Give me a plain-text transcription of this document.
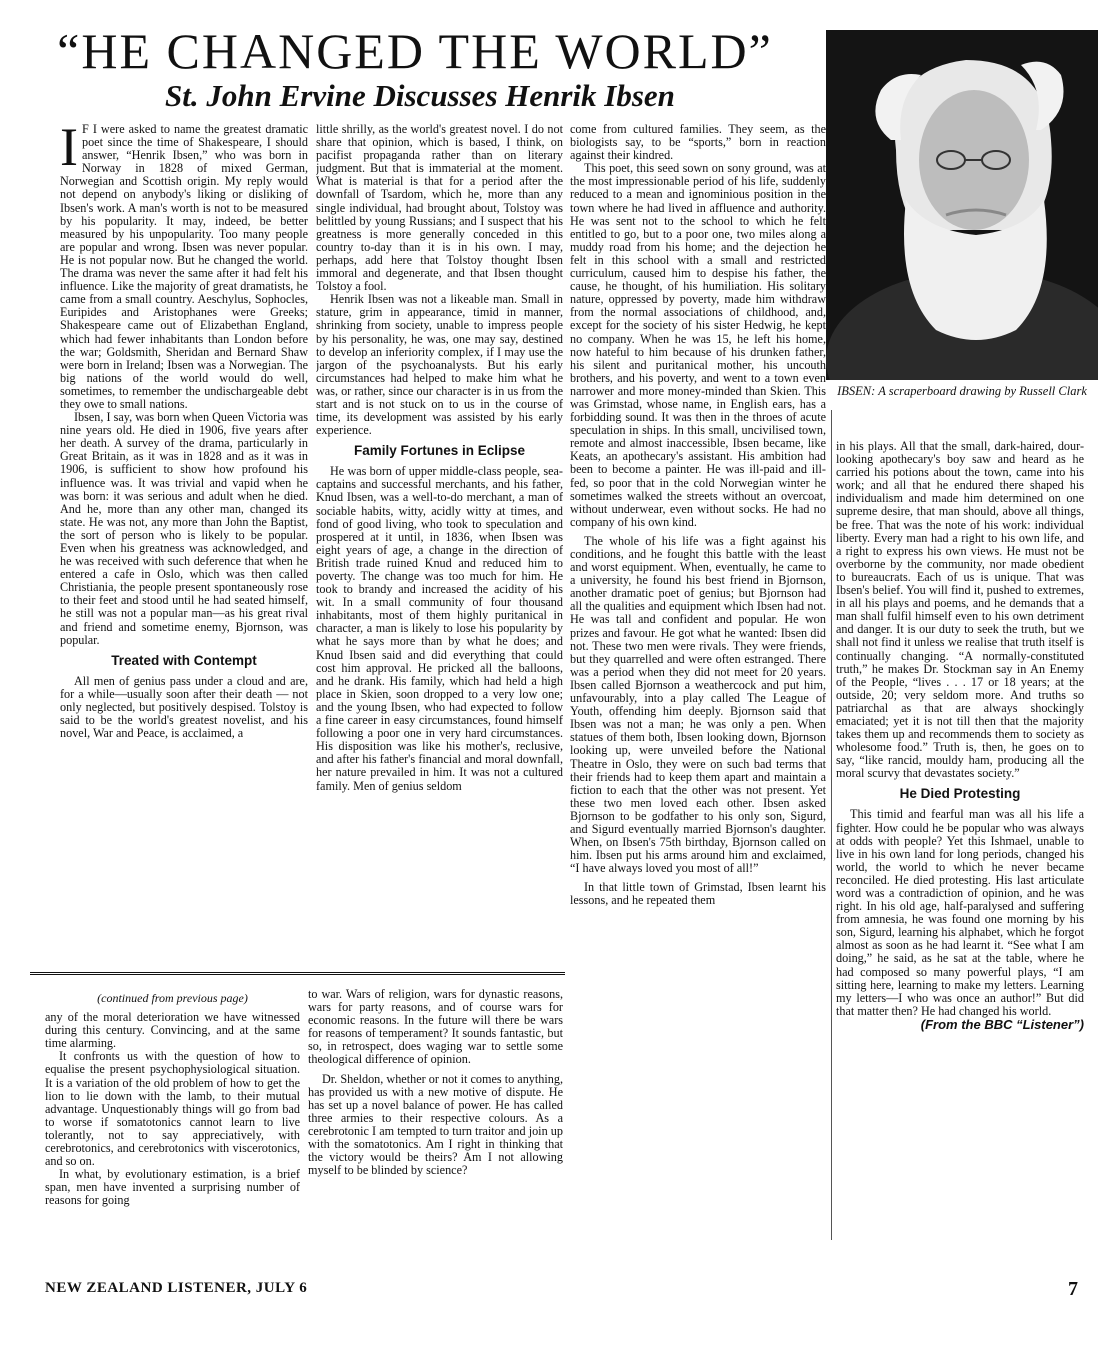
“HE CHANGED THE WORLD”
St. John Ervine Discusses Henrik Ibsen
IBSEN: A scraperboard drawing by Russell Clark

I F I were asked to name the greatest dramatic poet since the time of Shakespeare, I should answer, “Henrik Ibsen,” who was born in Norway in 1828 of mixed German, Norwegian and Scottish origin. My reply would not depend on anybody's liking or disliking of Ibsen's work. A man's worth is not to be measured by his popularity. It may, indeed, be better measured by his unpopularity. Too many people are popular and wrong. Ibsen was never popular. He is not popular now. But he changed the world. The drama was never the same after it had felt his influence. Like the majority of great dramatists, he came from a small country. Aeschylus, Sophocles, Euripides and Aristophanes were Greeks; Shakespeare came out of Elizabethan England, which had fewer inhabitants than London before the war; Goldsmith, Sheridan and Bernard Shaw were born in Ireland; Ibsen was a Norwegian. The big nations of the world would do well, sometimes, to remember the undischargeable debt they owe to small nations.

Ibsen, I say, was born when Queen Victoria was nine years old. He died in 1906, five years after her death. A survey of the drama, particularly in Great Britain, as it was in 1828 and as it was in 1906, is sufficient to show how profound his influence was. It was trivial and vapid when he was born: it was serious and adult when he died. And he, more than any other man, changed its state. He was not, any more than John the Baptist, the sort of person who is likely to be popular. Even when his greatness was acknowledged, and he was received with such deference that when he entered a cafe in Oslo, which was then called Christiania, the people present spontaneously rose to their feet and stood until he had seated himself, he still was not a popular man—as his great rival and friend and sometime enemy, Bjornson, was popular.

Treated with Contempt

All men of genius pass under a cloud and are, for a while—usually soon after their death — not only neglected, but positively despised. Tolstoy is said to be the world's greatest novelist, and his novel, War and Peace, is acclaimed, a

little shrilly, as the world's greatest novel. I do not share that opinion, which is based, I think, on pacifist propaganda rather than on literary judgment. But that is immaterial at the moment. What is material is that for a period after the downfall of Tsardom, which he, more than any single individual, had brought about, Tolstoy was belittled by young Russians; and I suspect that his greatness is more generally conceded in this country to-day than it is in his own. I may, perhaps, add here that Tolstoy thought Ibsen immoral and degenerate, and that Ibsen thought Tolstoy a fool.

Henrik Ibsen was not a likeable man. Small in stature, grim in appearance, timid in manner, shrinking from society, unable to impress people by his personality, he was, one may say, destined to develop an inferiority complex, if I may use the jargon of the psychoanalysts. But his early circumstances had helped to make him what he was, or rather, since our character is in us from the start and is not stuck on to us in the course of time, its development was assisted by his early experience.

Family Fortunes in Eclipse

He was born of upper middle-class people, sea-captains and successful merchants, and his father, Knud Ibsen, was a well-to-do merchant, a man of sociable habits, witty, acidly witty at times, and fond of good living, who took to speculation and prospered at it until, in 1836, when Ibsen was eight years of age, a change in the direction of British trade ruined Knud and reduced him to poverty. The change was too much for him. He took to brandy and increased the acidity of his wit. In a small community of four thousand inhabitants, most of them highly puritanical in character, a man is likely to lose his popularity by what he says more than by what he does; and Knud Ibsen said and did everything that could cost him approval. He pricked all the balloons, and he drank. His family, which had held a high place in Skien, soon dropped to a very low one; and the young Ibsen, who had expected to follow a fine career in easy circumstances, found himself following a poor one in very hard circumstances. His disposition was like his mother's, reclusive, and after his father's financial and moral downfall, her nature prevailed in him. It was not a cultured family. Men of genius seldom

come from cultured families. They seem, as the biologists say, to be “sports,” born in reaction against their kindred.

This poet, this seed sown on sony ground, was at the most impressionable period of his life, suddenly reduced to a mean and ignominious position in the town where he had lived in affluence and authority. He was sent not to the school to which he felt entitled to go, but to a poor one, two miles along a muddy road from his home; and the dejection he felt in this school with a small and restricted curriculum, caused him to despise his father, the cause, he thought, of his humiliation. His solitary nature, oppressed by poverty, made him withdraw from the normal associations of childhood, and, except for the society of his sister Hedwig, he kept no company. When he was 15, he left his home, now hateful to him because of his drunken father, his silent and puritanical mother, his uncouth brothers, and his poverty, and went to a town even narrower and more money-minded than Skien. This was Grimstad, whose name, in English ears, has a forbidding sound. It was then in the throes of acute speculation in ships. In this small, uncivilised town, remote and almost inaccessible, Ibsen became, like Keats, an apothecary's assistant. His ambition had been to become a painter. He was ill-paid and ill-fed, so poor that in the cold Norwegian winter he sometimes walked the streets without an overcoat, without underwear, even without socks. He had no company of his own kind.

The whole of his life was a fight against his conditions, and he fought this battle with the least and worst equipment. When, eventually, he came to a university, he found his best friend in Bjornson, another dramatic poet of genius; but Bjornson had all the qualities and equipment which Ibsen had not. He was tall and confident and popular. He won prizes and favour. He got what he wanted: Ibsen did not. These two men were rivals. They were friends, but they quarrelled and were often estranged. There was a period when they did not meet for 20 years. Ibsen called Bjornson a weathercock and put him, unfavourably, into a play called The League of Youth, offending him deeply. Bjornson said that Ibsen was not a man; he was only a pen. When statues of them both, Ibsen looking down, Bjornson looking up, were unveiled before the National Theatre in Oslo, they were on such bad terms that their friends had to keep them apart and maintain a fiction to each that the other was not present. Yet these two men loved each other. Ibsen asked Bjornson to be godfather to his only son, Sigurd, and Sigurd eventually married Bjornson's daughter. When, on Ibsen's 75th birthday, Bjornson called on him. Ibsen put his arms around him and exclaimed, “I have always loved you most of all!”

In that little town of Grimstad, Ibsen learnt his lessons, and he repeated them

in his plays. All that the small, dark-haired, dour-looking apothecary's boy saw and heard as he carried his potions about the town, came into his work; and all that he endured there shaped his individualism and made him determined on one supreme desire, that man should, above all things, be free. That was the note of his work: individual liberty. Every man had a right to his own life, and a right to express his own views. He must not be overborne by the community, nor made obedient to bureaucrats. Each of us is unique. That was Ibsen's belief. You will find it, pushed to extremes, in all his plays and poems, and he demands that a man shall fulfil himself even to his own detriment and danger. It is our duty to seek the truth, but we shall not find it unless we realise that truth itself is continually changing. “A normally-constituted truth,” he makes Dr. Stockman say in An Enemy of the People, “lives . . . 17 or 18 years; at the outside, 20; very seldom more. And truths so patriarchal as that are always shockingly emaciated; yet it is not till then that the majority takes them up and recommends them to society as wholesome food.” Truth is, then, he goes on to say, “like rancid, mouldy ham, producing all the moral scurvy that devastates society.”

He Died Protesting

This timid and fearful man was all his life a fighter. How could he be popular who was always at odds with people? Yet this Ishmael, unable to live in his own land for long periods, changed his world, the world to which he never became reconciled. He died protesting. His last articulate word was a contradiction of opinion, and he was right. In his old age, half-paralysed and suffering from amnesia, he was found one morning by his son, Sigurd, learning his alphabet, which he forgot almost as soon as he had learnt it. “See what I am doing,” he said, as he sat at the table, where he had composed so many powerful plays, “I am sitting here, learning to make my letters. Learning my letters—I who was once an author!” But did that matter then? He had changed his world.

(From the BBC “Listener”)

(continued from previous page)

any of the moral deterioration we have witnessed during this century. Convincing, and at the same time alarming.

It confronts us with the question of how to equalise the present psychophysiological situation. It is a variation of the old problem of how to get the lion to lie down with the lamb, to their mutual advantage. Unquestionably things will go from bad to worse if somatotonics cannot learn to live tolerantly, not to say appreciatively, with cerebrotonics, and cerebrotonics with viscerotonics, and so on.

In what, by evolutionary estimation, is a brief span, men have invented a surprising number of reasons for going

to war. Wars of religion, wars for dynastic reasons, wars for party reasons, and of course wars for economic reasons. In the future will there be wars for reasons of temperament? It sounds fantastic, but so, in retrospect, does waging war to settle some theological difference of opinion.

Dr. Sheldon, whether or not it comes to anything, has provided us with a new motive of dispute. He has set up a novel balance of power. He has called three armies to their respective colours. As a cerebrotonic I am tempted to turn traitor and join up with the somatotonics. Am I right in thinking that the victory would be theirs? Am I not allowing myself to be blinded by science?

NEW ZEALAND LISTENER, JULY 6	7
